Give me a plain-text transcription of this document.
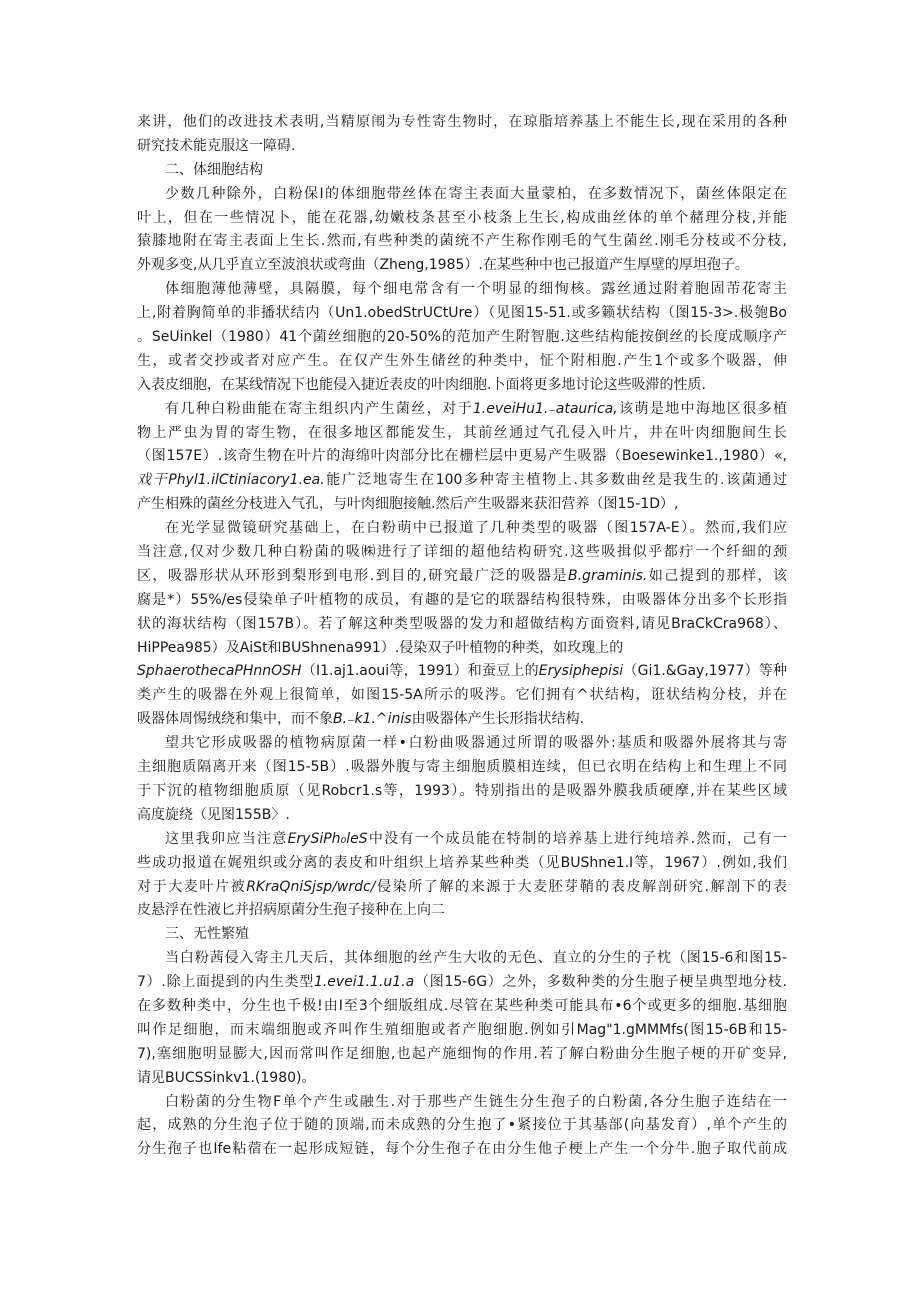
来讲，他们的改进技术表明,当精原闱为专性寄生物时，在琼脂培养基上不能生长,现在采用的各种
研究技术能克服这一障碍.
二、体细胞结构
少数几种除外，白粉保I的体细胞带丝体在寄主表面大量蒙柏，在多数情况下，菌丝体限定在
叶上，但在一些情况卜，能在花器,幼嫩枝条甚至小枝条上生长,构成曲丝体的单个赭理分枝,并能
猿膝地附在寄主表面上生长.然而,有些种类的菌统不产生称作刚毛的气生菌丝.刚毛分枝或不分枝,
外观多变,从几乎直立至波浪状或弯曲（Zheng,1985）.在某些种中也己报道产生厚壁的厚坦孢子。
体细胞薄他薄壁，具隔膜，每个细电常含有一个明显的细恂核。露丝通过附着胞固芾花寄主
上,附着胸简单的非播状结内（Un1.obedStrUCtUre）（见图15-51.或多籁状结构（图15-3>.极匏Bo
。SeUinkel（1980）41个菌丝细胞的20-50%的范加产生附智胞.这些结构能按倒丝的长度成顺序产
生，或者交抄或者对应产生。在仅产生外生储丝的种类中，怔个附相胞.产生1个或多个吸器，伸
入表皮细胞，在某线情况下也能侵入捷近表皮的叶肉细胞.卜面将更多地讨论这些吸滞的性质.
有几种白粉曲能在寄主组织内产生菌丝，对于1.eveiHu1.₋ataurica,该萌是地中海地区很多植
物上严虫为胃的寄生物，在很多地区都能发生，其前丝通过气孔侵入叶片，井在叶肉细胞间生长
（图157E）.该奇生物在叶片的海绵叶肉部分比在栅栏层中更易产生吸器（Boesewinke1.,1980）«,
戏干Phyl1.ilCtiniacory1.ea.能广泛地寄生在100多种寄主植物上.其多数曲丝是我生的.该菌通过
产生相殊的菌丝分枝进入气孔，与叶肉细胞接触.然后产生吸器来获汨营养（图15-1D）,
在光学显微镜研究基础上，在白粉萌中已报道了几种类型的吸器（图157A-E）。然而,我们应
当注意,仅对少数几种白粉菌的吸㈱进行了详细的超他结构研究.这些吸揖似乎都疔一个纤細的颈
区，吸器形状从环形到梨形到电形.到目的,研究最广泛的吸器是B.graminis.如己提到的那样，该
腐是*）55%/es侵染单子叶植物的成员，有趣的是它的联器结构很特殊，由吸器体分出多个长形指
状的海状结构（图157B）。若了解这种类型吸器的发力和超做结构方面资料,请见BraCkCra968）、
HiPPea985）及AiSt和BUShnena991）.侵染双子叶植物的种类，如玫瑰上的
SphaerothecaPHnnOSH（I1.aj1.aoui等，1991）和蚕豆上的Erysiphepisi（Gi1.&Gay,1977）等种
类产生的吸器在外观上很简单，如图15-5A所示的吸涔。它们拥有^状结构，诳状结构分枝，并在
吸器体周惕绒绕和集中，而不象B.₋k1.^inis由吸器体产生长形指状结构.
望共它形成吸器的植物病原菌一样•白粉曲吸器通过所谓的吸器外:基质和吸器外展将其与寄
主细胞质隔离开来（图15-5B）.吸器外腹与寄主细胞质膜相连续，但已衣明在结构上和生理上不同
于下沉的植物细胞质原（见Robcr1.s等，1993）。特别指出的是吸器外膜我质硬摩,并在某些区域
高度旋绕（见图155B〉.
这里我卯应当注意ErySiPh₀leS中没有一个成员能在特制的培养基上进行纯培养.然而，己有一
些成功报道在娓殂织或分离的表皮和叶组织上培养某些种类（见BUShne1.I等，1967）.例如,我们
对于大麦叶片被RKraQniSjsp∕wrdc∕侵染所了解的来源于大麦胚芽鞘的表皮解剖研究.解剖下的表
皮悬浮在性液匕并招病原菌分生孢子接种在上向二
三、无性繁殖
当白粉茜侵入寄主几天后，其体细胞的丝产生大收的无色、直立的分生的子枕（图15-6和图15-
7）.除上面提到的内生类型1.evei1.1.u1.a（图15-6G）之外，多数种类的分生胞子梗呈典型地分枝.
在多数种类中，分生也千极!由I至3个细版组成.尽管在某些种类可能具布•6个或更多的细胞.基细胞
叫作足细胞，而末端细胞或齐叫作生殖细胞或者产胞细胞.例如引Mag"1.gMMMfs(图15-6B和15-
7),塞细胞明显膨大,因而常叫作足细胞,也起产施细恂的作用.若了解白粉曲分生胞子梗的开矿变异,
请见BUCSSinkv1.(1980)。
白粉菌的分生物F单个产生或融生.对于那些产生链生分生孢子的白粉菌,各分生胞子连结在一
起，成熟的分生泡子位于随的顶端,而未成熟的分生抱了•紧接位于其基部(向基发育）,单个产生的
分生孢子也Ife粘蓿在一起形成短链，每个分生孢子在由分生他子梗上产生一个分牛.胞子取代前成
